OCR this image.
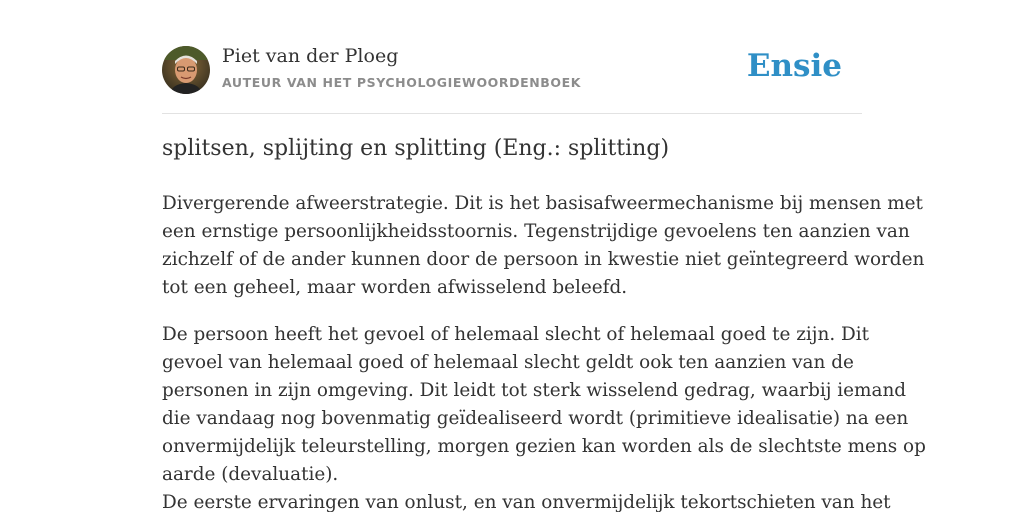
Piet van der Ploeg
AUTEUR VAN HET PSYCHOLOGIEWOORDENBOEK	Ensie
splitsen, splijting en splitting (Eng.: splitting)

Divergerende afweerstrategie. Dit is het basisafweermechanisme bij mensen met
een ernstige persoonlijkheidsstoornis. Tegenstrijdige gevoelens ten aanzien van
zichzelf of de ander kunnen door de persoon in kwestie niet geïntegreerd worden
tot een geheel, maar worden afwisselend beleefd.

De persoon heeft het gevoel of helemaal slecht of helemaal goed te zijn. Dit
gevoel van helemaal goed of helemaal slecht geldt ook ten aanzien van de
personen in zijn omgeving. Dit leidt tot sterk wisselend gedrag, waarbij iemand
die vandaag nog bovenmatig geïdealiseerd wordt (primitieve idealisatie) na een
onvermijdelijk teleurstelling, morgen gezien kan worden als de slechtste mens op
aarde (devaluatie).
De eerste ervaringen van onlust, en van onvermijdelijk tekortschieten van het
